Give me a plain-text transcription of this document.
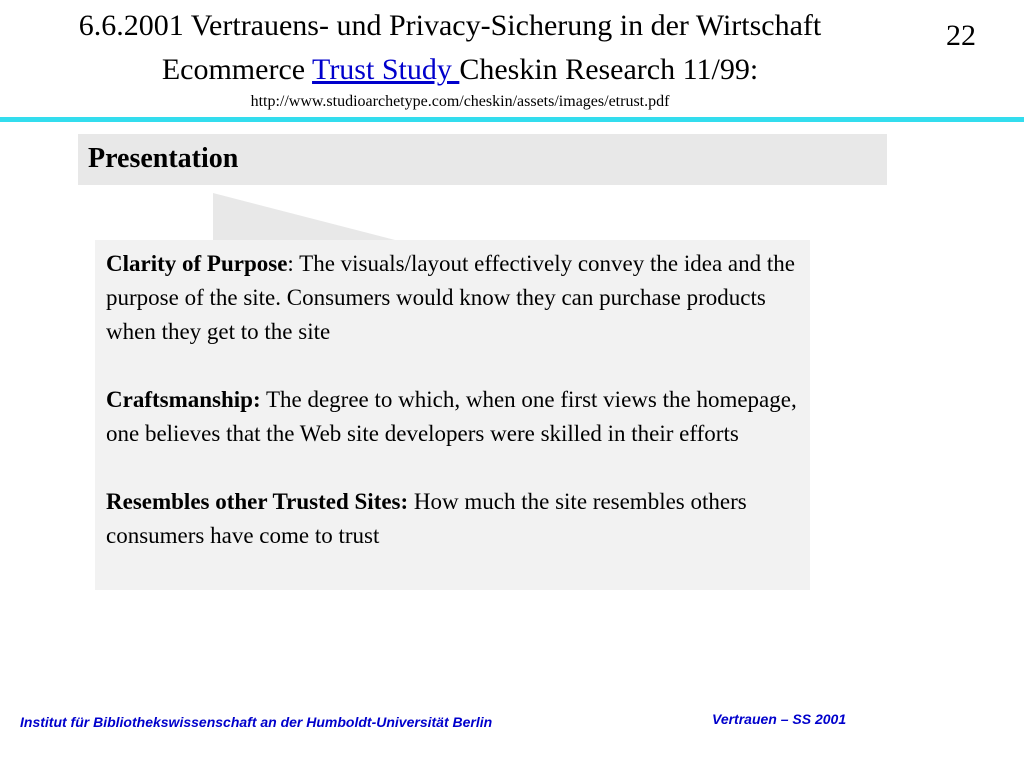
6.6.2001 Vertrauens- und Privacy-Sicherung in der Wirtschaft
Ecommerce Trust Study Cheskin Research 11/99:
http://www.studioarchetype.com/cheskin/assets/images/etrust.pdf
22
Presentation

Clarity of Purpose: The visuals/layout effectively convey the idea and the purpose of the site. Consumers would know they can purchase products when they get to the site

Craftsmanship: The degree to which, when one first views the homepage, one believes that the Web site developers were skilled in their efforts

Resembles other Trusted Sites: How much the site resembles others consumers have come to trust

Vertrauen – SS 2001
Institut für Bibliothekswissenschaft an der Humboldt-Universität Berlin
